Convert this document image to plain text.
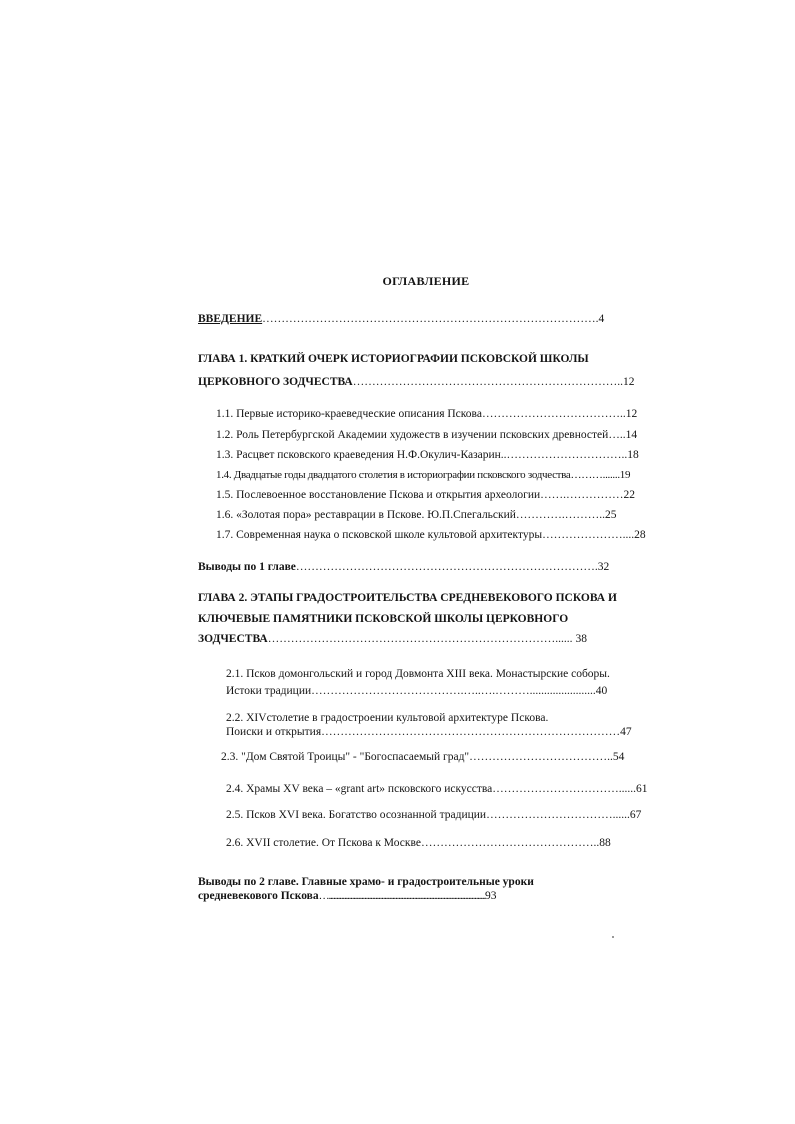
ОГЛАВЛЕНИЕ
ВВЕДЕНИЕ…………………………………………………………………………….4
ГЛАВА 1. КРАТКИЙ ОЧЕРК ИСТОРИОГРАФИИ ПСКОВСКОЙ ШКОЛЫ
ЦЕРКОВНОГО ЗОДЧЕСТВА……………………………………………………………..12
1.1. Первые историко-краеведческие описания Пскова………………………………..12
1.2. Роль Петербургской Академии художеств в изучении псковских древностей…..14
1.3. Расцвет псковского краеведения Н.Ф.Окулич-Казарин..…………………………..18
1.4. Двадцатые годы двадцатого столетия в историографии псковского зодчества……….......19
1.5. Послевоенное восстановление Пскова и открытия археологии…….……………22
1.6. «Золотая пора» реставрации в Пскове. Ю.П.Спегальский………….………..25
1.7. Современная наука о псковской школе культовой архитектуры…………………....28
Выводы по 1 главе…………………………………………………………………….32
ГЛАВА 2. ЭТАПЫ ГРАДОСТРОИТЕЛЬСТВА СРЕДНЕВЕКОВОГО ПСКОВА И
КЛЮЧЕВЫЕ ПАМЯТНИКИ ПСКОВСКОЙ ШКОЛЫ ЦЕРКОВНОГО
ЗОДЧЕСТВА…………………………………………………………………...... 38
2.1. Псков домонгольский и город Довмонта XIII века. Монастырские соборы.
Истоки традиции………………………………….…..….……….......................40
2.2. XIVстолетие в градостроении культовой архитектуре Пскова.
Поиски и открытия……………………………………………………………………47
2.3. "Дом Святой Троицы" - "Богоспасаемый град"………………………………..54
2.4. Храмы XV века – «grant art» псковского искусства……………………………......61
2.5. Псков XVI века. Богатство осознанной традиции……………………………......67
2.6. XVII столетие. От Пскова к Москве………………………………………..88
Выводы по 2 главе. Главные храмо- и градостроительные уроки
средневекового Пскова….....................................................................................................93
